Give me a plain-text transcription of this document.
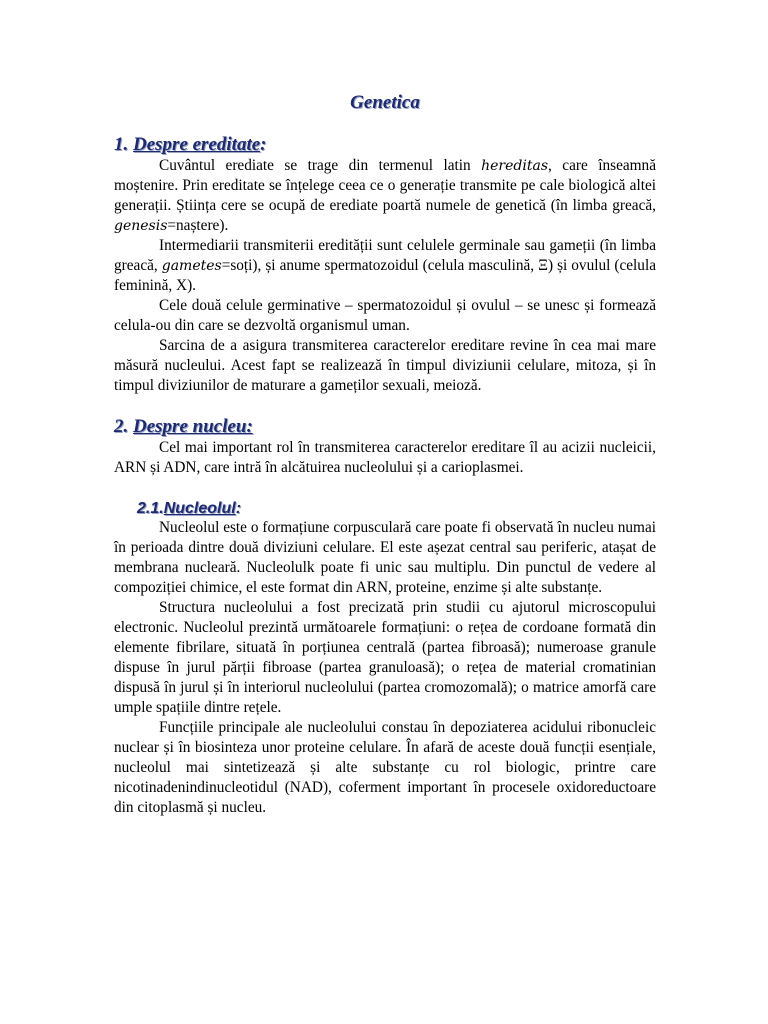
Genetica
1. Despre ereditate:

Cuvântul erediate se trage din termenul latin hereditas, care înseamnă moștenire. Prin ereditate se înțelege ceea ce o generație transmite pe cale biologică altei generații. Știința cere se ocupă de erediate poartă numele de genetică (în limba greacă, genesis=naștere).

Intermediarii transmiterii eredității sunt celulele germinale sau gameții (în limba greacă, gametes=soți), și anume spermatozoidul (celula masculină, Ξ) și ovulul (celula feminină, X).

Cele două celule germinative – spermatozoidul și ovulul – se unesc și formează celula-ou din care se dezvoltă organismul uman.

Sarcina de a asigura transmiterea caracterelor ereditare revine în cea mai mare măsură nucleului. Acest fapt se realizează în timpul diviziunii celulare, mitoza, și în timpul diviziunilor de maturare a gameților sexuali, meioză.

2. Despre nucleu:

Cel mai important rol în transmiterea caracterelor ereditare îl au acizii nucleicii, ARN și ADN, care intră în alcătuirea nucleolului și a carioplasmei.

2.1.Nucleolul:

Nucleolul este o formațiune corpusculară care poate fi observată în nucleu numai în perioada dintre două diviziuni celulare. El este așezat central sau periferic, atașat de membrana nucleară. Nucleolulk poate fi unic sau multiplu. Din punctul de vedere al compoziției chimice, el este format din ARN, proteine, enzime și alte substanțe.

Structura nucleolului a fost precizată prin studii cu ajutorul microscopului electronic. Nucleolul prezintă următoarele formațiuni: o rețea de cordoane formată din elemente fibrilare, situată în porțiunea centrală (partea fibroasă); numeroase granule dispuse în jurul părții fibroase (partea granuloasă); o rețea de material cromatinian dispusă în jurul și în interiorul nucleolului (partea cromozomală); o matrice amorfă care umple spațiile dintre rețele.

Funcțiile principale ale nucleolului constau în depoziaterea acidului ribonucleic nuclear și în biosinteza unor proteine celulare. În afară de aceste două funcții esențiale, nucleolul mai sintetizează și alte substanțe cu rol biologic, printre care nicotinadenindinucleotidul (NAD), coferment important în procesele oxidoreductoare din citoplasmă și nucleu.
